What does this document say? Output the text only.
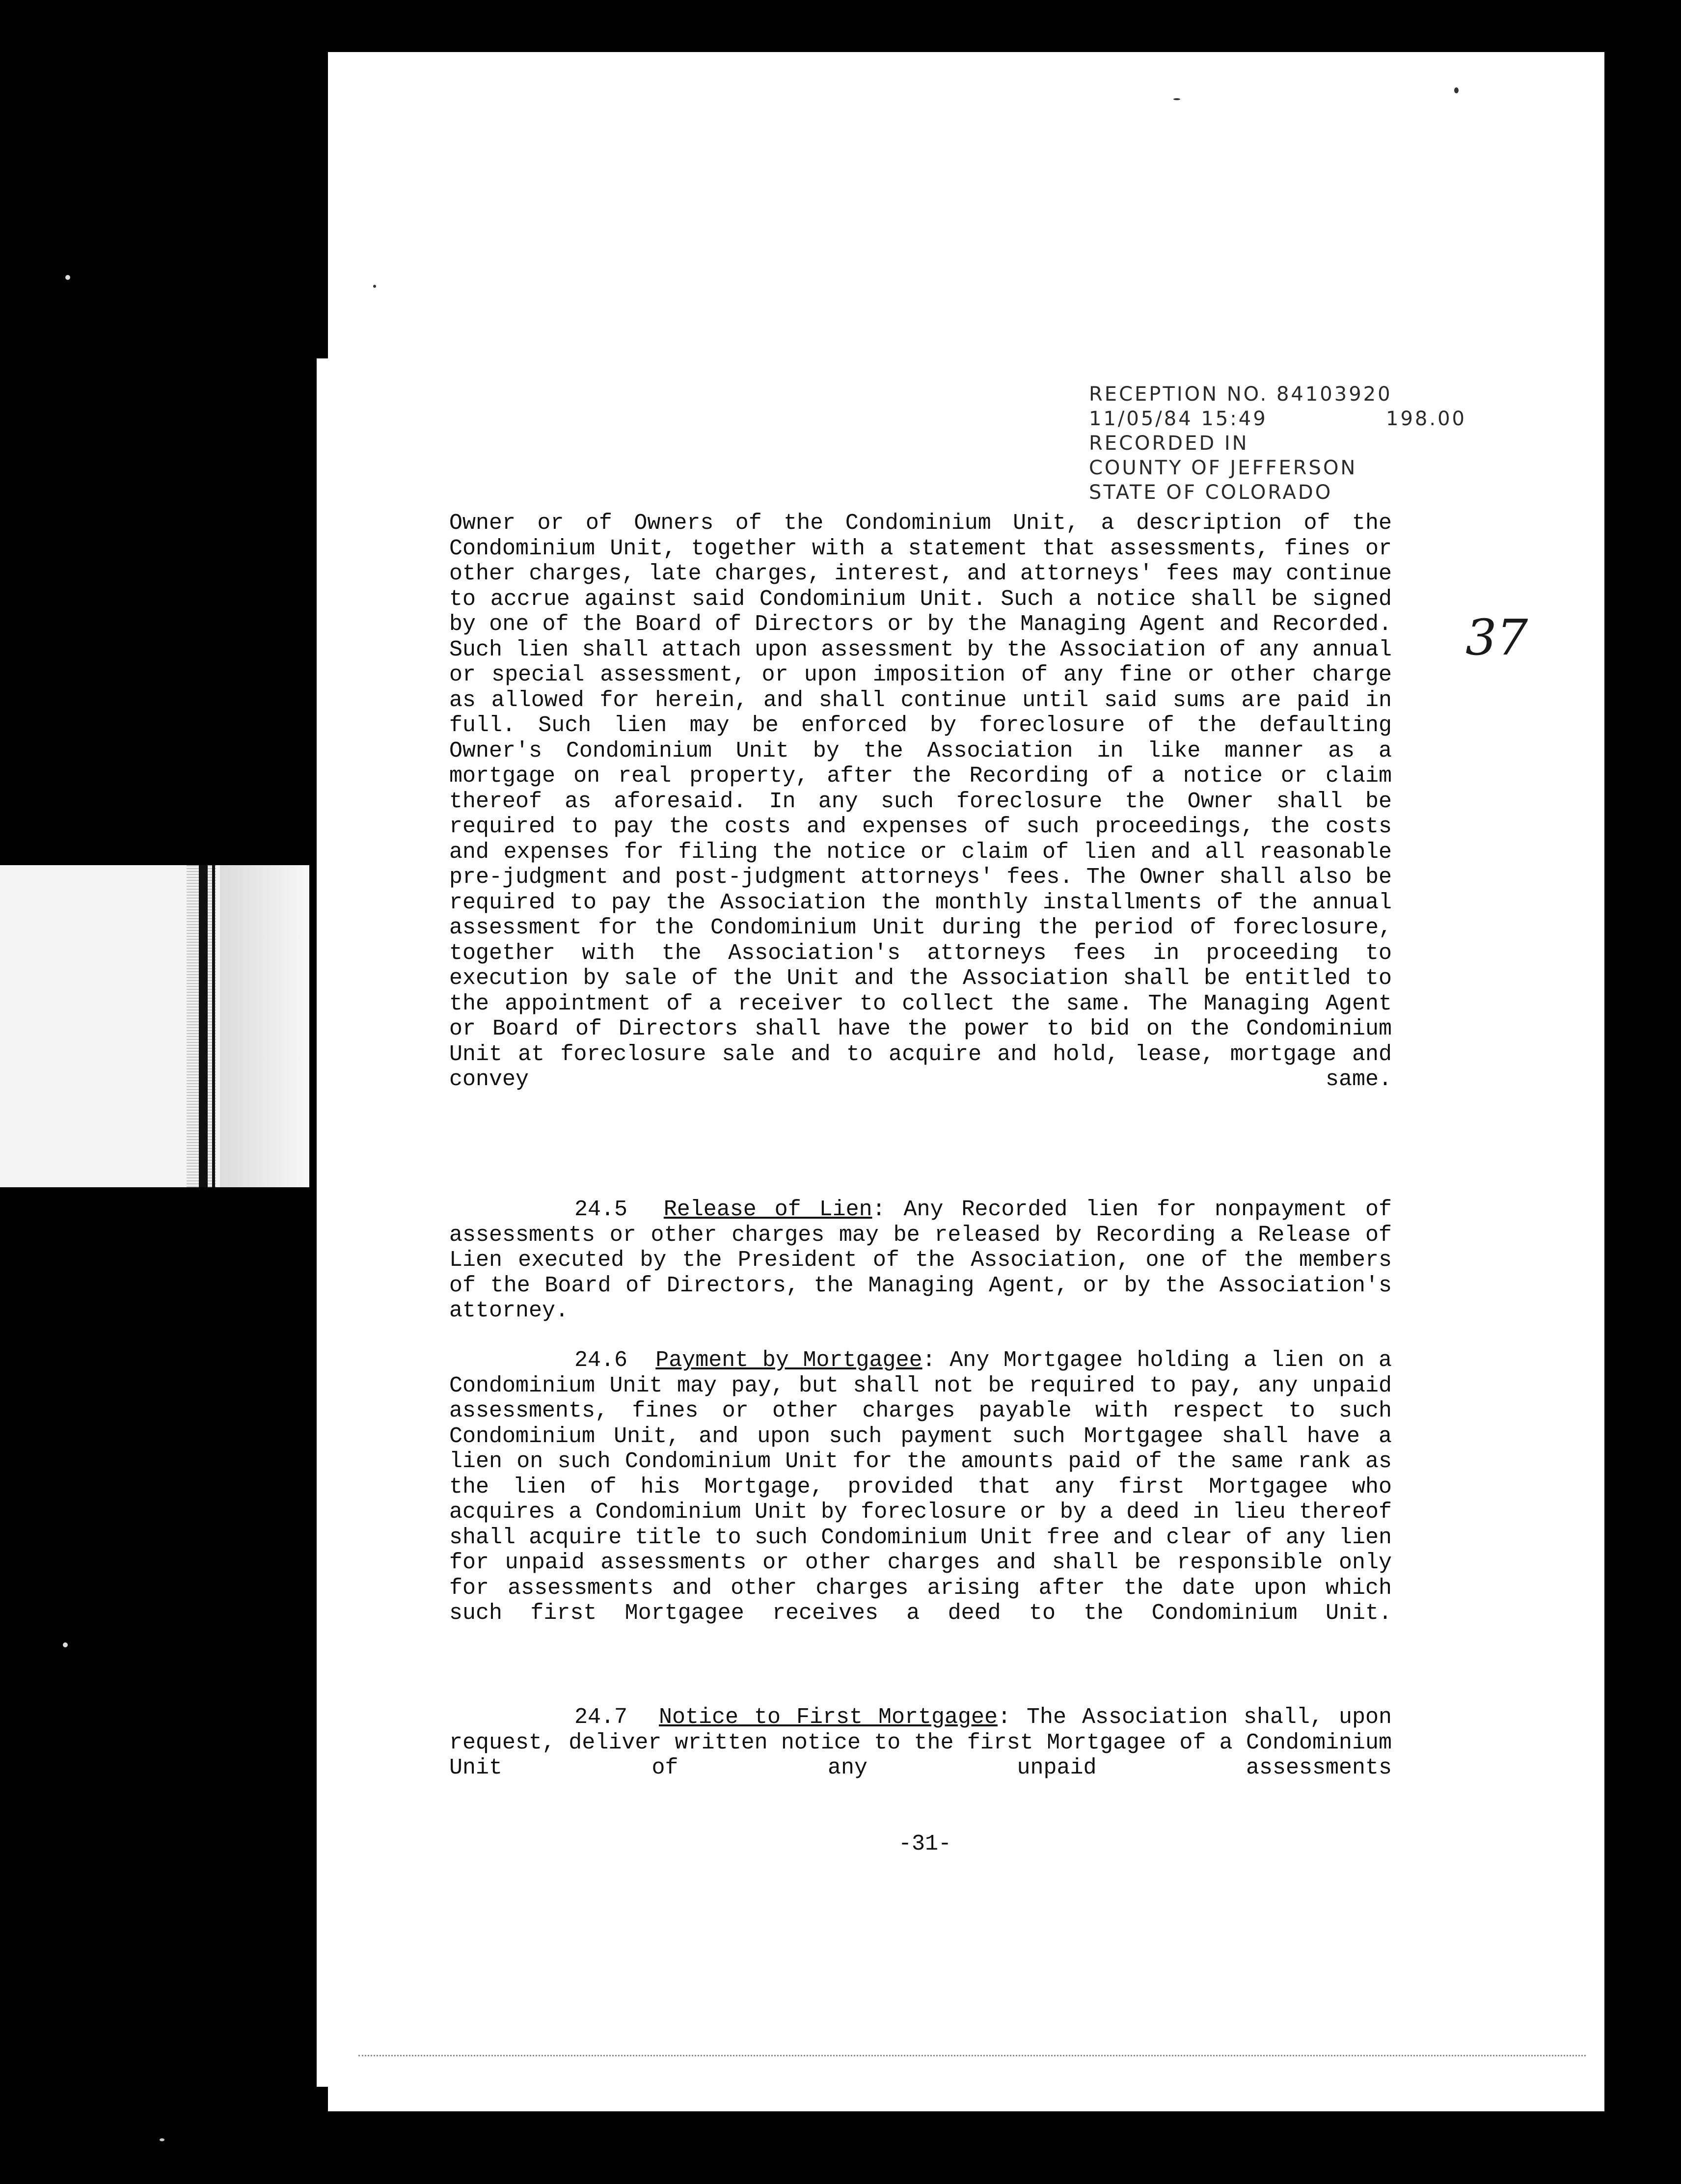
RECEPTION NO. 84103920
11/05/84 15:49
RECORDED IN
COUNTY OF JEFFERSON
STATE OF COLORADO
198.00
37

Owner or of Owners of the Condominium Unit, a description of the Condominium Unit, together with a statement that assessments, fines or other charges, late charges, interest, and attorneys' fees may continue to accrue against said Condominium Unit. Such a notice shall be signed by one of the Board of Directors or by the Managing Agent and Recorded. Such lien shall attach upon assessment by the Association of any annual or special assessment, or upon imposition of any fine or other charge as allowed for herein, and shall continue until said sums are paid in full. Such lien may be enforced by foreclosure of the defaulting Owner's Condominium Unit by the Association in like manner as a mortgage on real property, after the Recording of a notice or claim thereof as aforesaid. In any such foreclosure the Owner shall be required to pay the costs and expenses of such proceedings, the costs and expenses for filing the notice or claim of lien and all reasonable pre-judgment and post-judgment attorneys' fees. The Owner shall also be required to pay the Association the monthly installments of the annual assessment for the Condominium Unit during the period of foreclosure, together with the Association's attorneys fees in proceeding to execution by sale of the Unit and the Association shall be entitled to the appointment of a receiver to collect the same. The Managing Agent or Board of Directors shall have the power to bid on the Condominium Unit at foreclosure sale and to acquire and hold, lease, mortgage and convey same.

24.5 Release of Lien: Any Recorded lien for nonpayment of assessments or other charges may be released by Recording a Release of Lien executed by the President of the Association, one of the members of the Board of Directors, the Managing Agent, or by the Association's attorney.

24.6 Payment by Mortgagee: Any Mortgagee holding a lien on a Condominium Unit may pay, but shall not be required to pay, any unpaid assessments, fines or other charges payable with respect to such Condominium Unit, and upon such payment such Mortgagee shall have a lien on such Condominium Unit for the amounts paid of the same rank as the lien of his Mortgage, provided that any first Mortgagee who acquires a Condominium Unit by foreclosure or by a deed in lieu thereof shall acquire title to such Condominium Unit free and clear of any lien for unpaid assessments or other charges and shall be responsible only for assessments and other charges arising after the date upon which such first Mortgagee receives a deed to the Condominium Unit.

24.7 Notice to First Mortgagee: The Association shall, upon request, deliver written notice to the first Mortgagee of a Condominium Unit of any unpaid assessments

-31-
